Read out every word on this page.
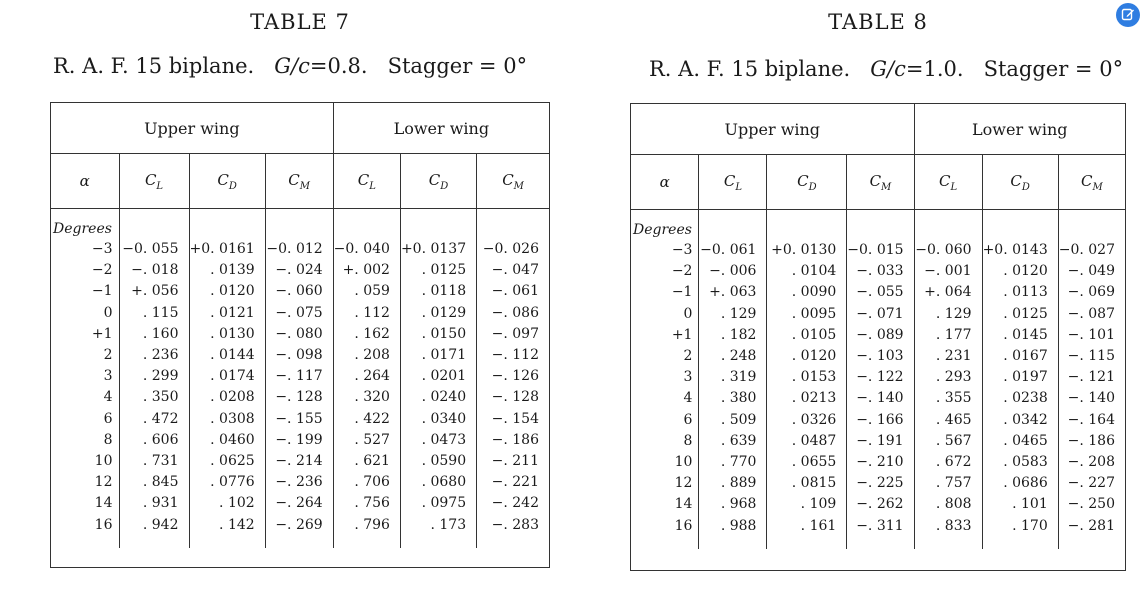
TABLE 7
R. A. F. 15 biplane. G/c=0.8. Stagger = 0°
Upper wing				Lower wing		
α	$C_L$	$C_D$	$C_M$	$C_L$	$C_D$	$C_M$

Degrees						
−3	−0. 055	+0. 0161	−0. 012	−0. 040	+0. 0137	−0. 026
−2	−. 018	. 0139	−. 024	+. 002	. 0125	−. 047
−1	+. 056	. 0120	−. 060	. 059	. 0118	−. 061
0	. 115	. 0121	−. 075	. 112	. 0129	−. 086
+1	. 160	. 0130	−. 080	. 162	. 0150	−. 097
2	. 236	. 0144	−. 098	. 208	. 0171	−. 112
3	. 299	. 0174	−. 117	. 264	. 0201	−. 126
4	. 350	. 0208	−. 128	. 320	. 0240	−. 128
6	. 472	. 0308	−. 155	. 422	. 0340	−. 154
8	. 606	. 0460	−. 199	. 527	. 0473	−. 186
10	. 731	. 0625	−. 214	. 621	. 0590	−. 211
12	. 845	. 0776	−. 236	. 706	. 0680	−. 221
14	. 931	. 102	−. 264	. 756	. 0975	−. 242
16	. 942	. 142	−. 269	. 796	. 173	−. 283

TABLE 8
R. A. F. 15 biplane. G/c=1.0. Stagger = 0°
Upper wing				Lower wing		
α	$C_L$	$C_D$	$C_M$	$C_L$	$C_D$	$C_M$

Degrees						
−3	−0. 061	+0. 0130	−0. 015	−0. 060	+0. 0143	−0. 027
−2	−. 006	. 0104	−. 033	−. 001	. 0120	−. 049
−1	+. 063	. 0090	−. 055	+. 064	. 0113	−. 069
0	. 129	. 0095	−. 071	. 129	. 0125	−. 087
+1	. 182	. 0105	−. 089	. 177	. 0145	−. 101
2	. 248	. 0120	−. 103	. 231	. 0167	−. 115
3	. 319	. 0153	−. 122	. 293	. 0197	−. 121
4	. 380	. 0213	−. 140	. 355	. 0238	−. 140
6	. 509	. 0326	−. 166	. 465	. 0342	−. 164
8	. 639	. 0487	−. 191	. 567	. 0465	−. 186
10	. 770	. 0655	−. 210	. 672	. 0583	−. 208
12	. 889	. 0815	−. 225	. 757	. 0686	−. 227
14	. 968	. 109	−. 262	. 808	. 101	−. 250
16	. 988	. 161	−. 311	. 833	. 170	−. 281
